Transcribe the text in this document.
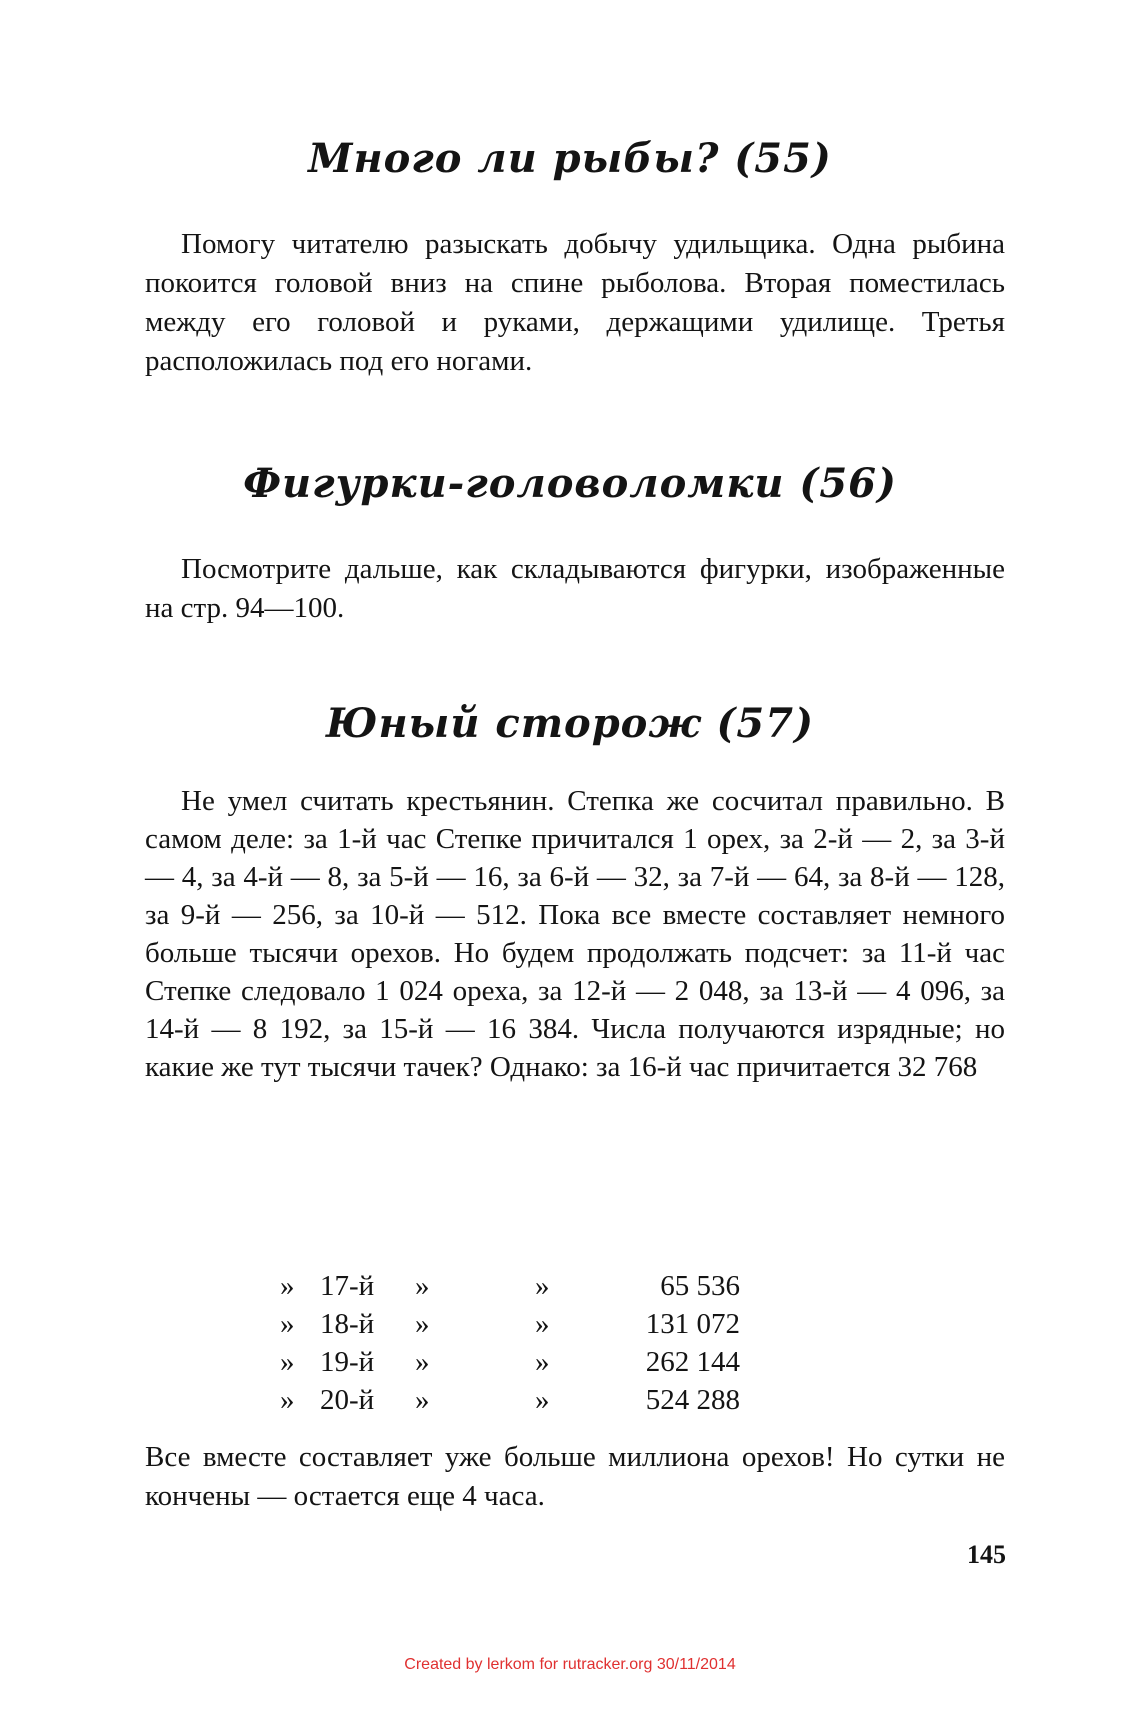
Много ли рыбы? (55)

Помогу читателю разыскать добычу удильщика. Одна рыбина покоится головой вниз на спине рыболова. Вторая поместилась между его головой и руками, держащими удилище. Третья расположилась под его ногами.

Фигурки-головоломки (56)

Посмотрите дальше, как складываются фигурки, изображенные на стр. 94—100.

Юный сторож (57)

Не умел считать крестьянин. Степка же сосчитал правильно. В самом деле: за 1-й час Степке причитался 1 орех, за 2-й — 2, за 3-й — 4, за 4-й — 8, за 5-й — 16, за 6-й — 32, за 7-й — 64, за 8-й — 128, за 9-й — 256, за 10-й — 512. Пока все вместе составляет немного больше тысячи орехов. Но будем продолжать подсчет: за 11-й час Степке следовало 1 024 ореха, за 12-й — 2 048, за 13-й — 4 096, за 14-й — 8 192, за 15-й — 16 384. Числа получаются изрядные; но какие же тут тысячи тачек? Однако: за 16-й час причитается 32 768

» 17-й	»	»	65 536
» 18-й	»	»	131 072
» 19-й	»	»	262 144
» 20-й	»	»	524 288

Все вместе составляет уже больше миллиона орехов! Но сутки не кончены — остается еще 4 часа.

145
Created by lerkom for rutracker.org 30/11/2014
